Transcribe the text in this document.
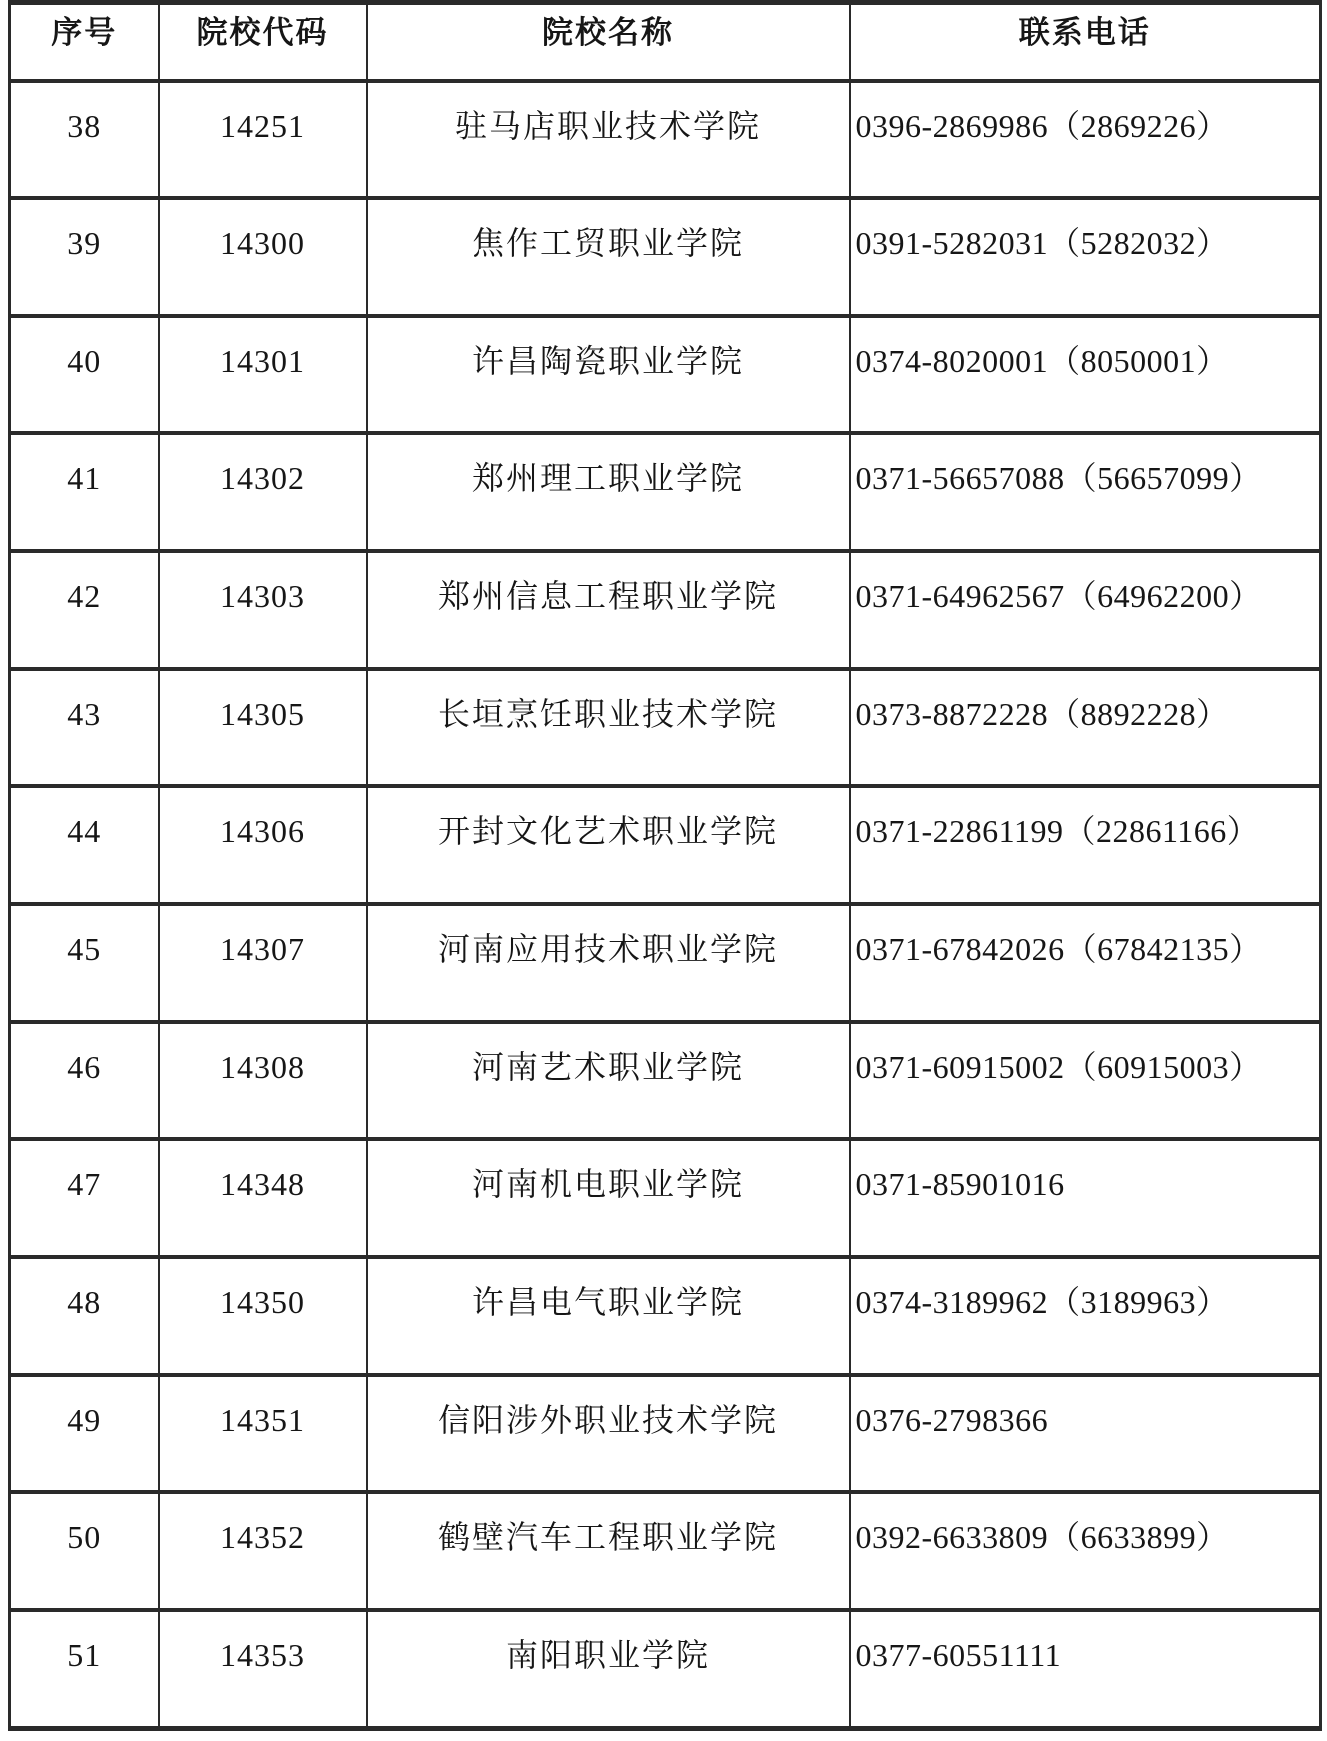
序号	院校代码	院校名称	联系电话
38	14251	驻马店职业技术学院	0396-2869986（2869226）
39	14300	焦作工贸职业学院	0391-5282031（5282032）
40	14301	许昌陶瓷职业学院	0374-8020001（8050001）
41	14302	郑州理工职业学院	0371-56657088（56657099）
42	14303	郑州信息工程职业学院	0371-64962567（64962200）
43	14305	长垣烹饪职业技术学院	0373-8872228（8892228）
44	14306	开封文化艺术职业学院	0371-22861199（22861166）
45	14307	河南应用技术职业学院	0371-67842026（67842135）
46	14308	河南艺术职业学院	0371-60915002（60915003）
47	14348	河南机电职业学院	0371-85901016
48	14350	许昌电气职业学院	0374-3189962（3189963）
49	14351	信阳涉外职业技术学院	0376-2798366
50	14352	鹤壁汽车工程职业学院	0392-6633809（6633899）
51	14353	南阳职业学院	0377-60551111
